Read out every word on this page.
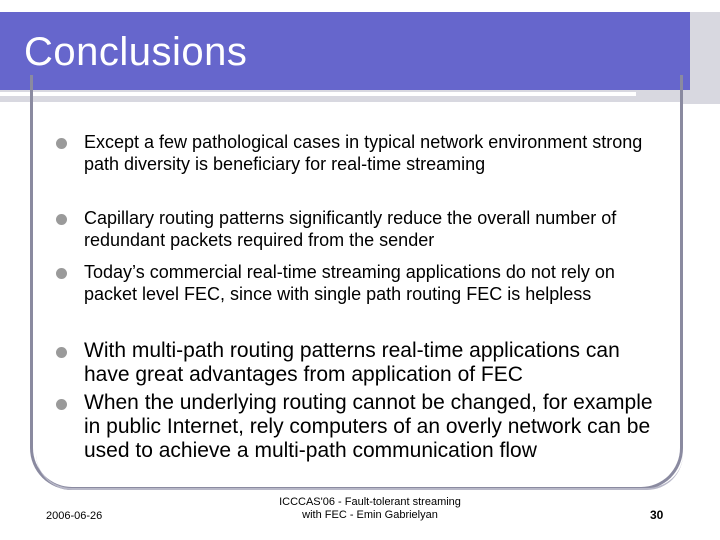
Conclusions
Except a few pathological cases in typical network environment strong path diversity is beneficiary for real-time streaming
Capillary routing patterns significantly reduce the overall number of redundant packets required from the sender
Today’s commercial real-time streaming applications do not rely on packet level FEC, since with single path routing FEC is helpless
With multi-path routing patterns real-time applications can have great advantages from application of FEC
When the underlying routing cannot be changed, for example in public Internet, rely computers of an overly network can be used to achieve a multi-path communication flow
2006-06-26
ICCCAS'06 - Fault-tolerant streaming
with FEC - Emin Gabrielyan	30
